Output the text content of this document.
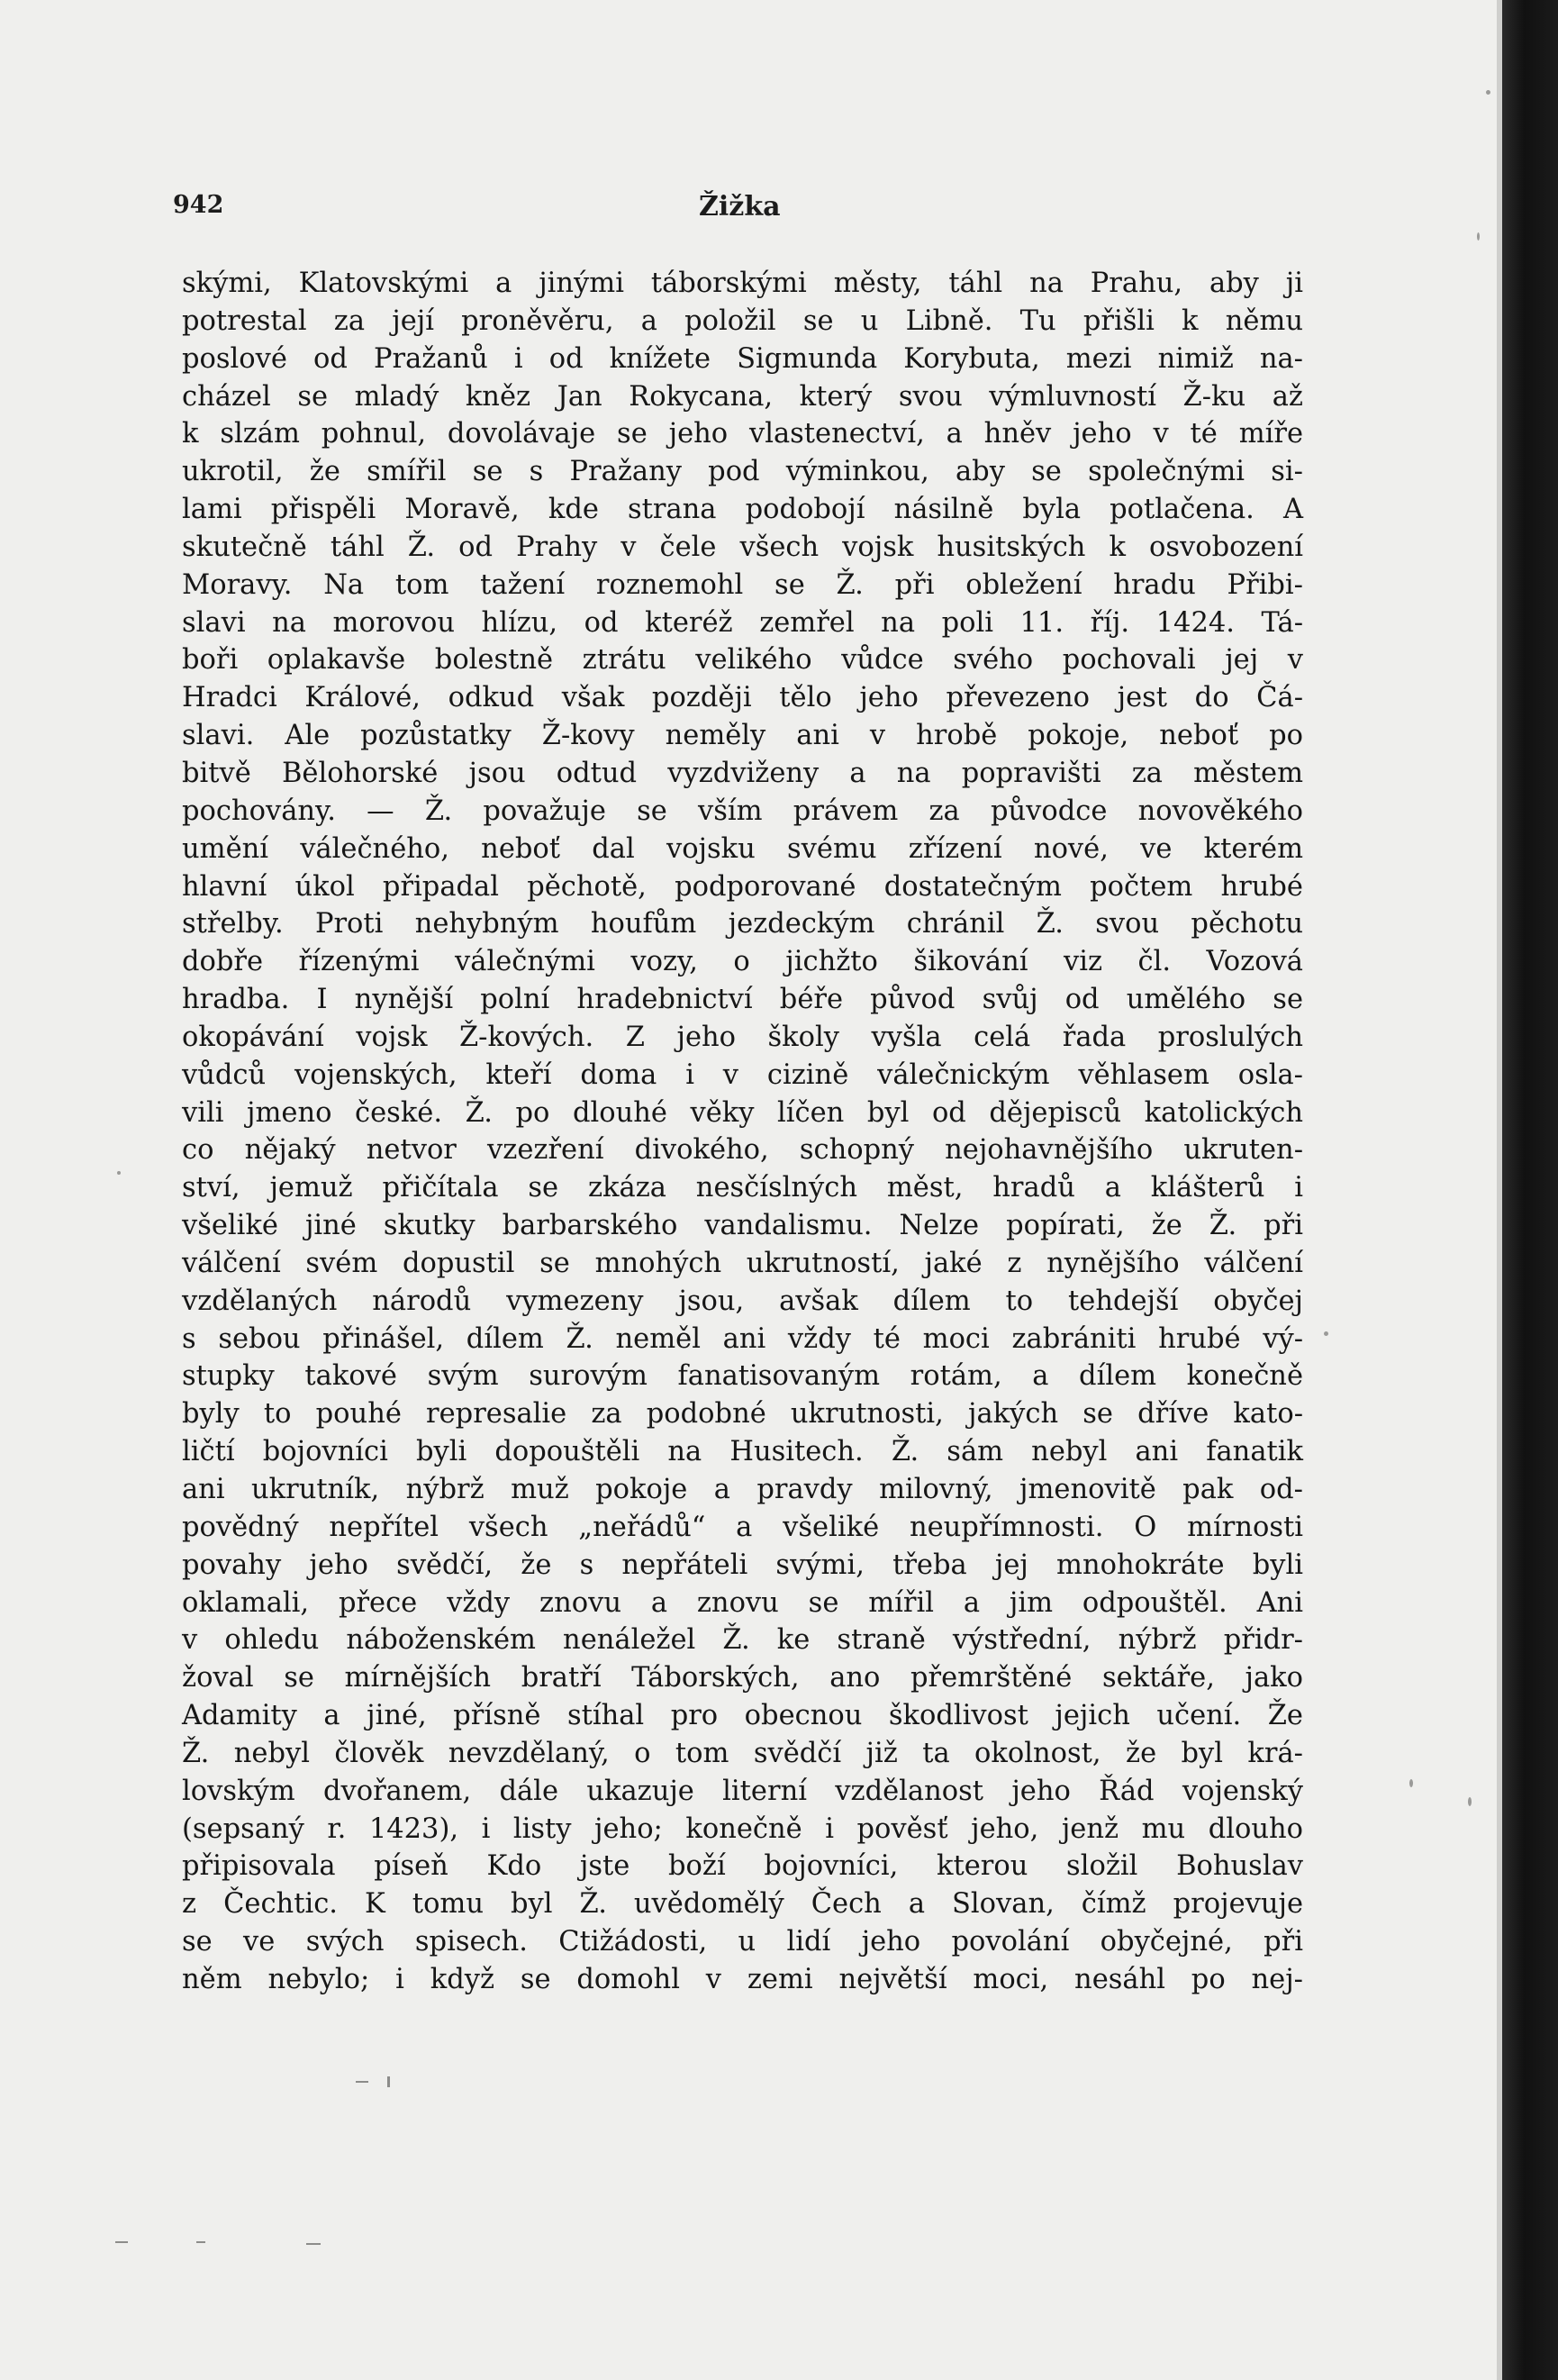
942	Žižka
skými, Klatovskými a jinými táborskými městy, táhl na Prahu, aby ji
potrestal za její proněvěru, a položil se u Libně. Tu přišli k němu
poslové od Pražanů i od knížete Sigmunda Korybuta, mezi nimiž na-
cházel se mladý kněz Jan Rokycana, který svou výmluvností Ž-ku až
k slzám pohnul, dovolávaje se jeho vlastenectví, a hněv jeho v té míře
ukrotil, že smířil se s Pražany pod výminkou, aby se společnými si-
lami přispěli Moravě, kde strana podobojí násilně byla potlačena. A
skutečně táhl Ž. od Prahy v čele všech vojsk husitských k osvobození
Moravy. Na tom tažení roznemohl se Ž. při obležení hradu Přibi-
slavi na morovou hlízu, od kteréž zemřel na poli 11. říj. 1424. Tá-
boři oplakavše bolestně ztrátu velikého vůdce svého pochovali jej v
Hradci Králové, odkud však později tělo jeho převezeno jest do Čá-
slavi. Ale pozůstatky Ž-kovy neměly ani v hrobě pokoje, neboť po
bitvě Bělohorské jsou odtud vyzdviženy a na popravišti za městem
pochovány. — Ž. považuje se vším právem za původce novověkého
umění válečného, neboť dal vojsku svému zřízení nové, ve kterém
hlavní úkol připadal pěchotě, podporované dostatečným počtem hrubé
střelby. Proti nehybným houfům jezdeckým chránil Ž. svou pěchotu
dobře řízenými válečnými vozy, o jichžto šikování viz čl. Vozová
hradba. I nynější polní hradebnictví béře původ svůj od umělého se
okopávání vojsk Ž-kových. Z jeho školy vyšla celá řada proslulých
vůdců vojenských, kteří doma i v cizině válečnickým věhlasem osla-
vili jmeno české. Ž. po dlouhé věky líčen byl od dějepisců katolických
co nějaký netvor vzezření divokého, schopný nejohavnějšího ukruten-
ství, jemuž přičítala se zkáza nesčíslných měst, hradů a klášterů i
všeliké jiné skutky barbarského vandalismu. Nelze popírati, že Ž. při
válčení svém dopustil se mnohých ukrutností, jaké z nynějšího válčení
vzdělaných národů vymezeny jsou, avšak dílem to tehdejší obyčej
s sebou přinášel, dílem Ž. neměl ani vždy té moci zabrániti hrubé vý-
stupky takové svým surovým fanatisovaným rotám, a dílem konečně
byly to pouhé represalie za podobné ukrutnosti, jakých se dříve kato-
ličtí bojovníci byli dopouštěli na Husitech. Ž. sám nebyl ani fanatik
ani ukrutník, nýbrž muž pokoje a pravdy milovný, jmenovitě pak od-
povědný nepřítel všech „neřádů“ a všeliké neupřímnosti. O mírnosti
povahy jeho svědčí, že s nepřáteli svými, třeba jej mnohokráte byli
oklamali, přece vždy znovu a znovu se mířil a jim odpouštěl. Ani
v ohledu náboženském nenáležel Ž. ke straně výstřední, nýbrž přidr-
žoval se mírnějších bratří Táborských, ano přemrštěné sektáře, jako
Adamity a jiné, přísně stíhal pro obecnou škodlivost jejich učení. Že
Ž. nebyl člověk nevzdělaný, o tom svědčí již ta okolnost, že byl krá-
lovským dvořanem, dále ukazuje literní vzdělanost jeho Řád vojenský
(sepsaný r. 1423), i listy jeho; konečně i pověsť jeho, jenž mu dlouho
připisovala píseň Kdo jste boží bojovníci, kterou složil Bohuslav
z Čechtic. K tomu byl Ž. uvědomělý Čech a Slovan, čímž projevuje
se ve svých spisech. Ctižádosti, u lidí jeho povolání obyčejné, při
něm nebylo; i když se domohl v zemi největší moci, nesáhl po nej-
